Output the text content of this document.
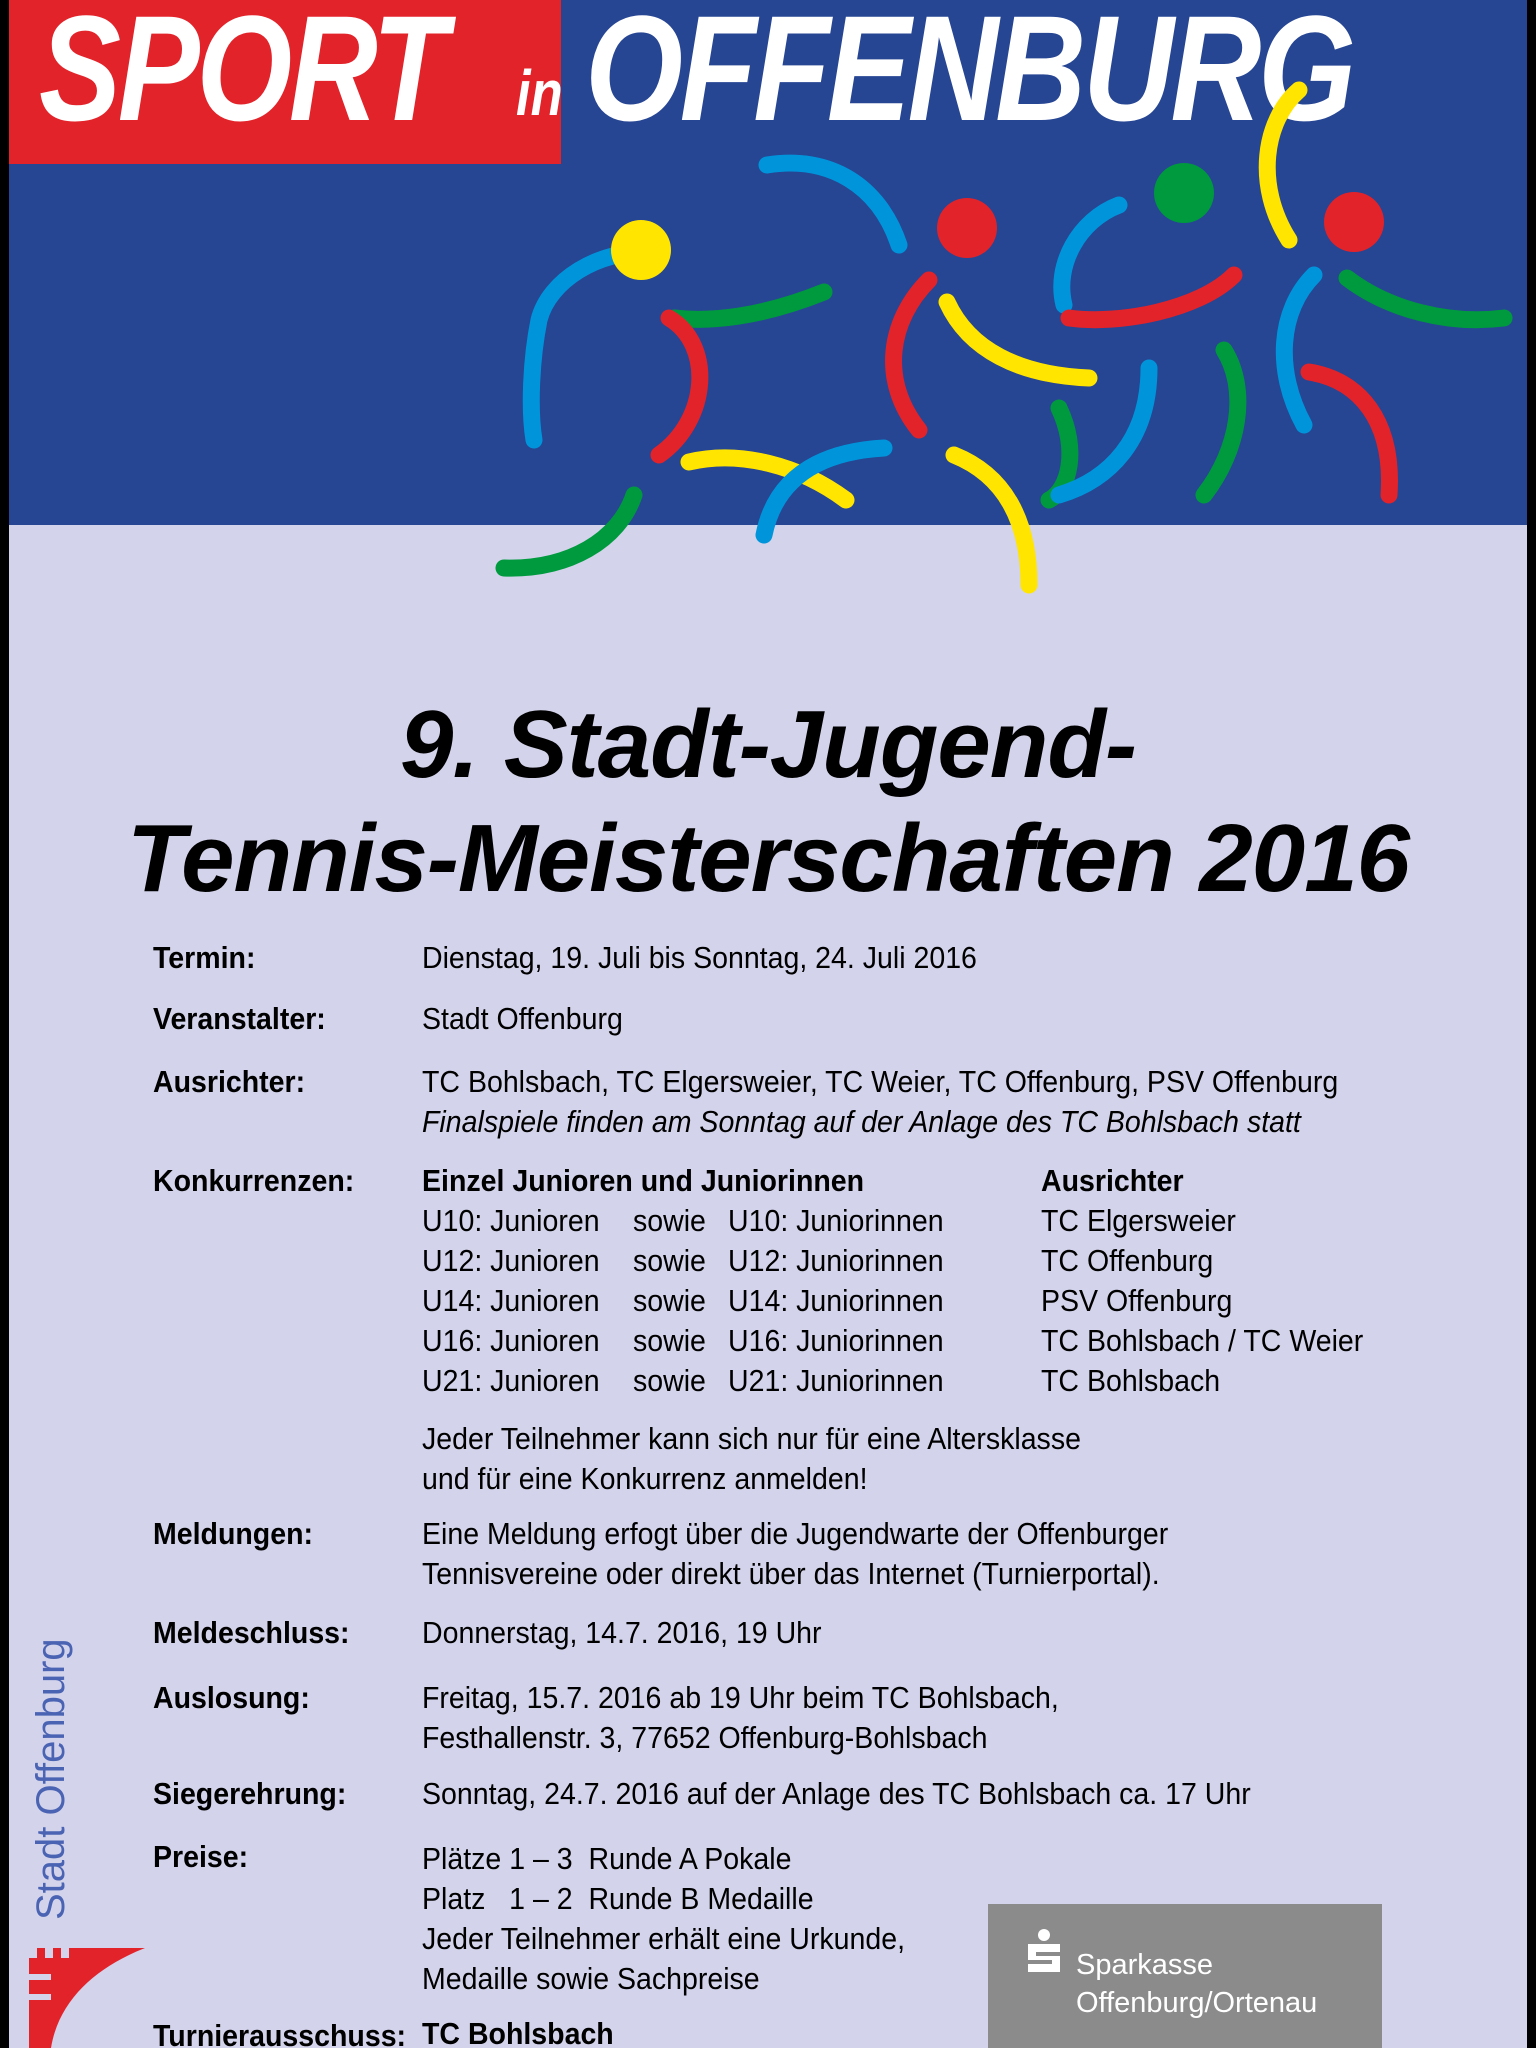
SPORT in OFFENBURG
9. Stadt-Jugend-
Tennis-Meisterschaften 2016
Termin:	Dienstag, 19. Juli bis Sonntag, 24. Juli 2016
Veranstalter:	Stadt Offenburg
Ausrichter:	TC Bohlsbach, TC Elgersweier, TC Weier, TC Offenburg, PSV Offenburg
Finalspiele finden am Sonntag auf der Anlage des TC Bohlsbach statt
Konkurrenzen: Einzel Junioren und Juniorinnen	Ausrichter
U10: Junioren sowie U10: Juniorinnen	TC Elgersweier
U12: Junioren sowie U12: Juniorinnen	TC Offenburg
U14: Junioren sowie U14: Juniorinnen	PSV Offenburg
U16: Junioren sowie U16: Juniorinnen	TC Bohlsbach / TC Weier
U21: Junioren sowie U21: Juniorinnen	TC Bohlsbach
Jeder Teilnehmer kann sich nur für eine Altersklasse
und für eine Konkurrenz anmelden!
Meldungen:	Eine Meldung erfogt über die Jugendwarte der Offenburger
Tennisvereine oder direkt über das Internet (Turnierportal).
Meldeschluss: Donnerstag, 14.7. 2016, 19 Uhr
Auslosung:	Freitag, 15.7. 2016 ab 19 Uhr beim TC Bohlsbach,
Festhallenstr. 3, 77652 Offenburg-Bohlsbach
Siegerehrung: Sonntag, 24.7. 2016 auf der Anlage des TC Bohlsbach ca. 17 Uhr
Preise:	Plätze 1 – 3  Runde A Pokale
Platz   1 – 2  Runde B Medaille
Jeder Teilnehmer erhält eine Urkunde,
Medaille sowie Sachpreise
Turnierausschuss: TC Bohlsbach
Stadt Offenburg
Sparkasse
Offenburg/Ortenau
